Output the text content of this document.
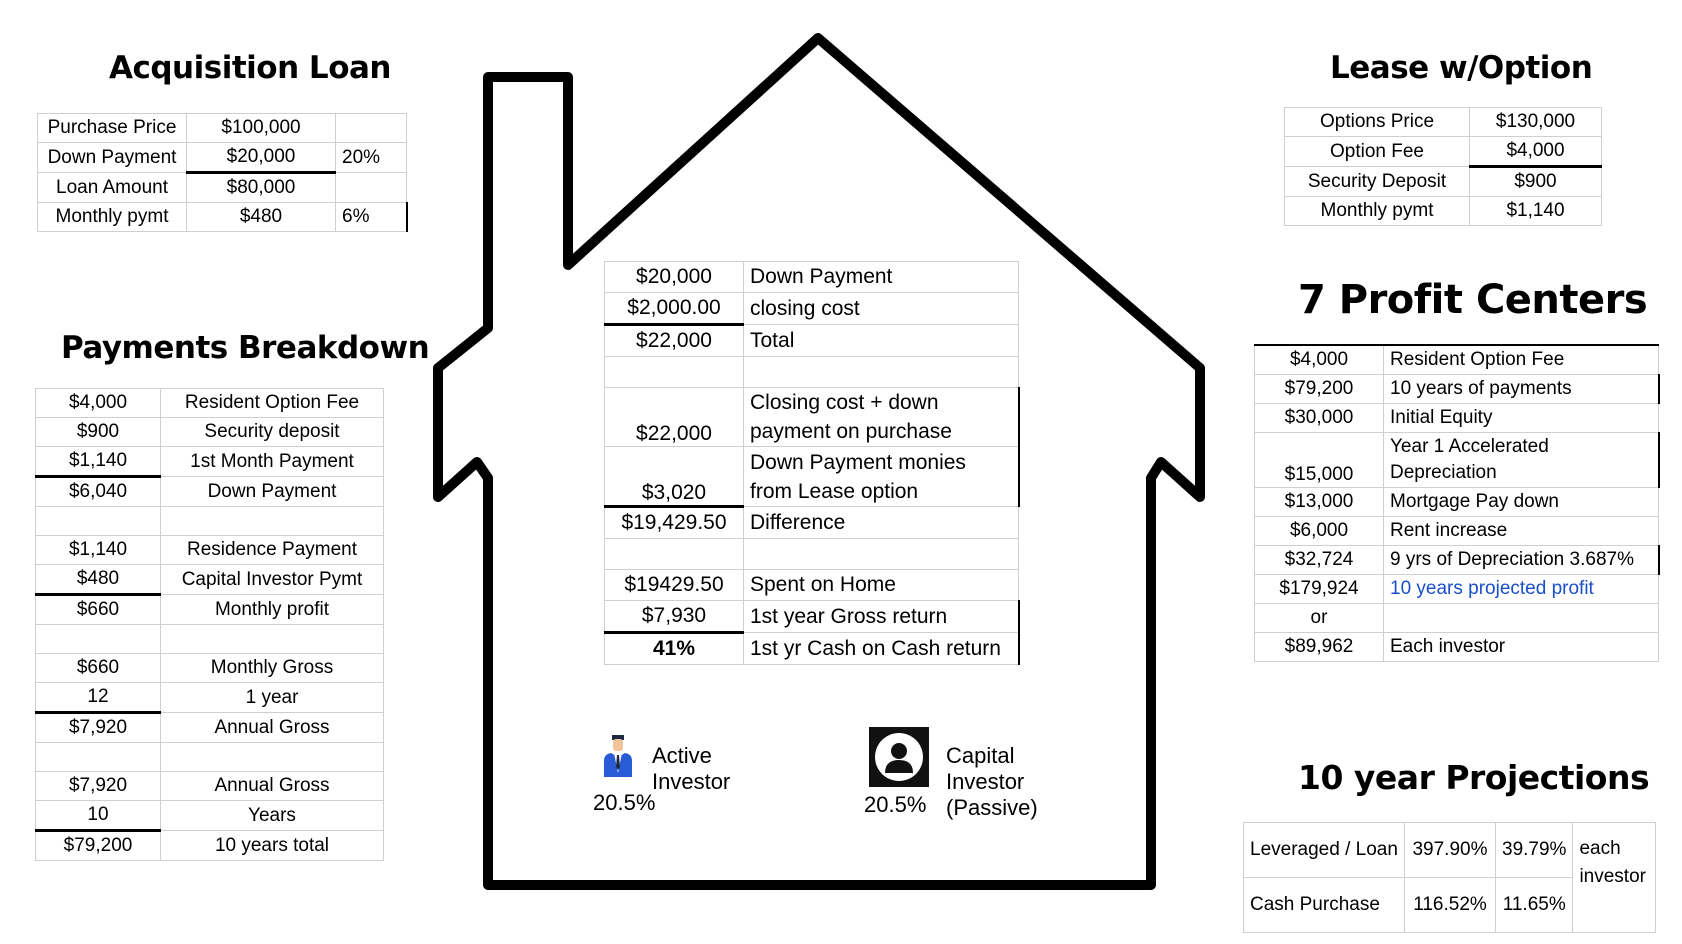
Acquisition Loan
Purchase Price	$100,000	
Down Payment	$20,000	20%
Loan Amount	$80,000	
Monthly pymt	$480	6%
Payments Breakdown
$4,000	Resident Option Fee
$900	Security deposit
$1,140	1st Month Payment
$6,040	Down Payment

$1,140	Residence Payment
$480	Capital Investor Pymt
$660	Monthly profit

$660	Monthly Gross
12	1 year
$7,920	Annual Gross

$7,920	Annual Gross
10	Years
$79,200	10 years total
Lease w/Option
Options Price	$130,000
Option Fee	$4,000
Security Deposit	$900
Monthly pymt	$1,140
7 Profit Centers
$4,000	Resident Option Fee
$79,200	10 years of payments
$30,000	Initial Equity
$15,000	Year 1 Accelerated Depreciation
$13,000	Mortgage Pay down
$6,000	Rent increase
$32,724	9 yrs of Depreciation 3.687%
$179,924	10 years projected profit
or	
$89,962	Each investor
10 year Projections
Leveraged / Loan	397.90%	39.79%	each investor
Cash Purchase	116.52%	11.65%	
$20,000	Down Payment
$2,000.00	closing cost
$22,000	Total

$22,000	Closing cost + down payment on purchase
$3,020	Down Payment monies from Lease option
$19,429.50	Difference

$19429.50	Spent on Home
$7,930	1st year Gross return
41%	1st yr Cash on Cash return
Active Investor
20.5%
Capital Investor (Passive)
20.5%
